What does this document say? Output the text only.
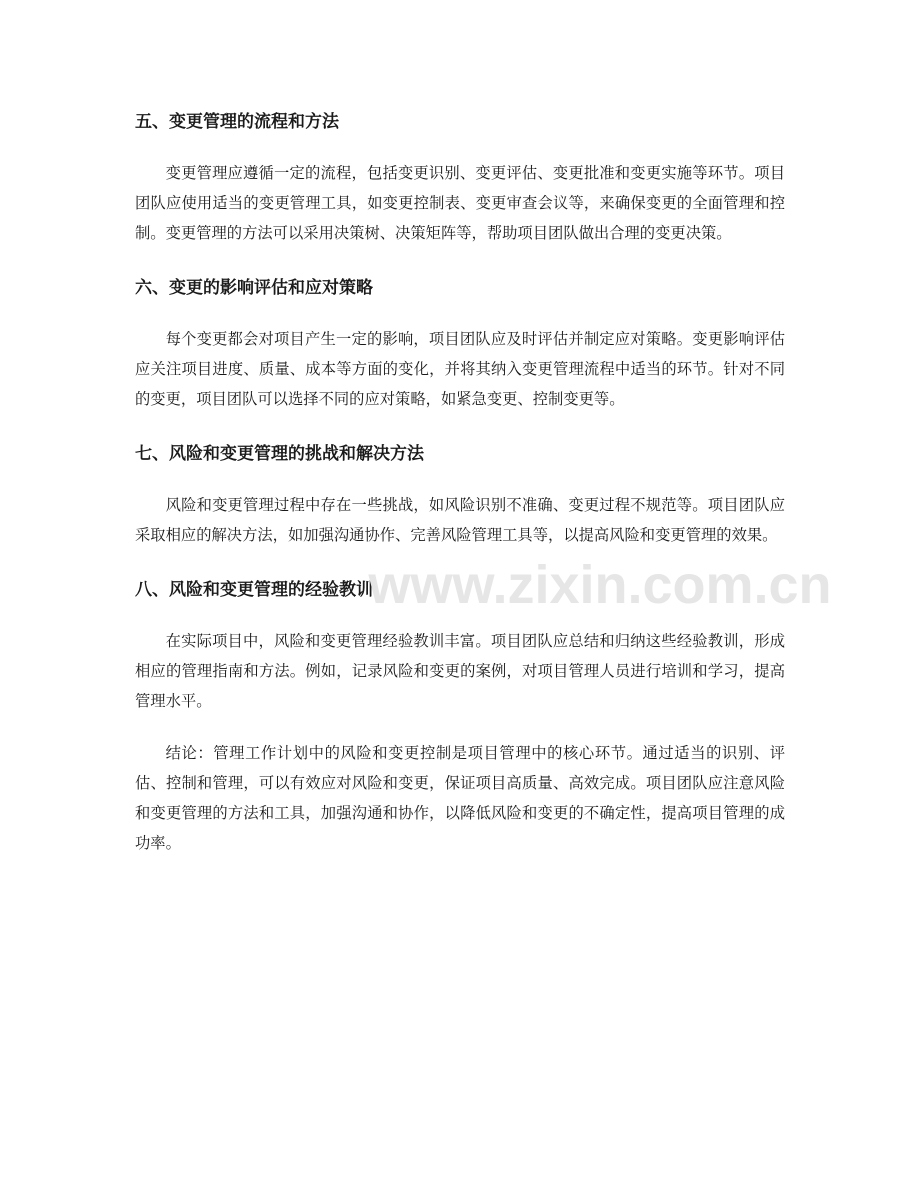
五、变更管理的流程和方法

变更管理应遵循一定的流程，包括变更识别、变更评估、变更批准和变更实施等环节。项目团队应使用适当的变更管理工具，如变更控制表、变更审查会议等，来确保变更的全面管理和控制。变更管理的方法可以采用决策树、决策矩阵等，帮助项目团队做出合理的变更决策。

六、变更的影响评估和应对策略

每个变更都会对项目产生一定的影响，项目团队应及时评估并制定应对策略。变更影响评估应关注项目进度、质量、成本等方面的变化，并将其纳入变更管理流程中适当的环节。针对不同的变更，项目团队可以选择不同的应对策略，如紧急变更、控制变更等。

七、风险和变更管理的挑战和解决方法

风险和变更管理过程中存在一些挑战，如风险识别不准确、变更过程不规范等。项目团队应采取相应的解决方法，如加强沟通协作、完善风险管理工具等，以提高风险和变更管理的效果。

八、风险和变更管理的经验教训

在实际项目中，风险和变更管理经验教训丰富。项目团队应总结和归纳这些经验教训，形成相应的管理指南和方法。例如，记录风险和变更的案例，对项目管理人员进行培训和学习，提高管理水平。

结论：管理工作计划中的风险和变更控制是项目管理中的核心环节。通过适当的识别、评估、控制和管理，可以有效应对风险和变更，保证项目高质量、高效完成。项目团队应注意风险和变更管理的方法和工具，加强沟通和协作，以降低风险和变更的不确定性，提高项目管理的成功率。

www.zixin.com.cn
